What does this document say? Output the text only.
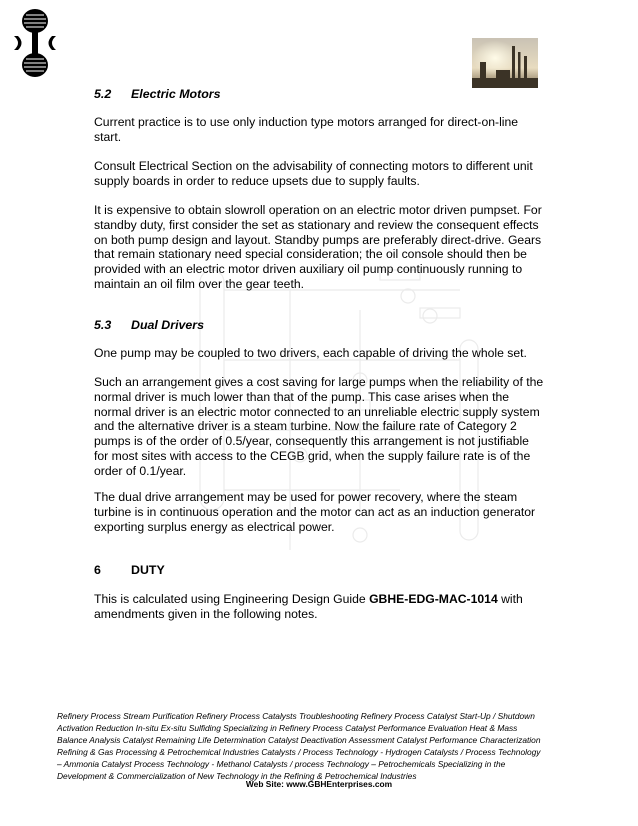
5.2 Electric Motors

Current practice is to use only induction type motors arranged for direct-on-line start.

Consult Electrical Section on the advisability of connecting motors to different unit supply boards in order to reduce upsets due to supply faults.

It is expensive to obtain slowroll operation on an electric motor driven pumpset. For standby duty, first consider the set as stationary and review the consequent effects on both pump design and layout. Standby pumps are preferably direct-drive. Gears that remain stationary need special consideration; the oil console should then be provided with an electric motor driven auxiliary oil pump continuously running to maintain an oil film over the gear teeth.

5.3 Dual Drivers

One pump may be coupled to two drivers, each capable of driving the whole set.

Such an arrangement gives a cost saving for large pumps when the reliability of the normal driver is much lower than that of the pump. This case arises when the normal driver is an electric motor connected to an unreliable electric supply system and the alternative driver is a steam turbine. Now the failure rate of Category 2 pumps is of the order of 0.5/year, consequently this arrangement is not justifiable for most sites with access to the CEGB grid, when the supply failure rate is of the order of 0.1/year.

The dual drive arrangement may be used for power recovery, where the steam turbine is in continuous operation and the motor can act as an induction generator exporting surplus energy as electrical power.

6 DUTY

This is calculated using Engineering Design Guide GBHE-EDG-MAC-1014 with amendments given in the following notes.

Refinery Process Stream Purification Refinery Process Catalysts Troubleshooting Refinery Process Catalyst Start-Up / Shutdown Activation Reduction In-situ Ex-situ Sulfiding Specializing in Refinery Process Catalyst Performance Evaluation Heat & Mass Balance Analysis Catalyst Remaining Life Determination Catalyst Deactivation Assessment Catalyst Performance Characterization Refining & Gas Processing & Petrochemical Industries Catalysts / Process Technology - Hydrogen Catalysts / Process Technology – Ammonia Catalyst Process Technology - Methanol Catalysts / process Technology – Petrochemicals Specializing in the Development & Commercialization of New Technology in the Refining & Petrochemical Industries
Web Site: www.GBHEnterprises.com
